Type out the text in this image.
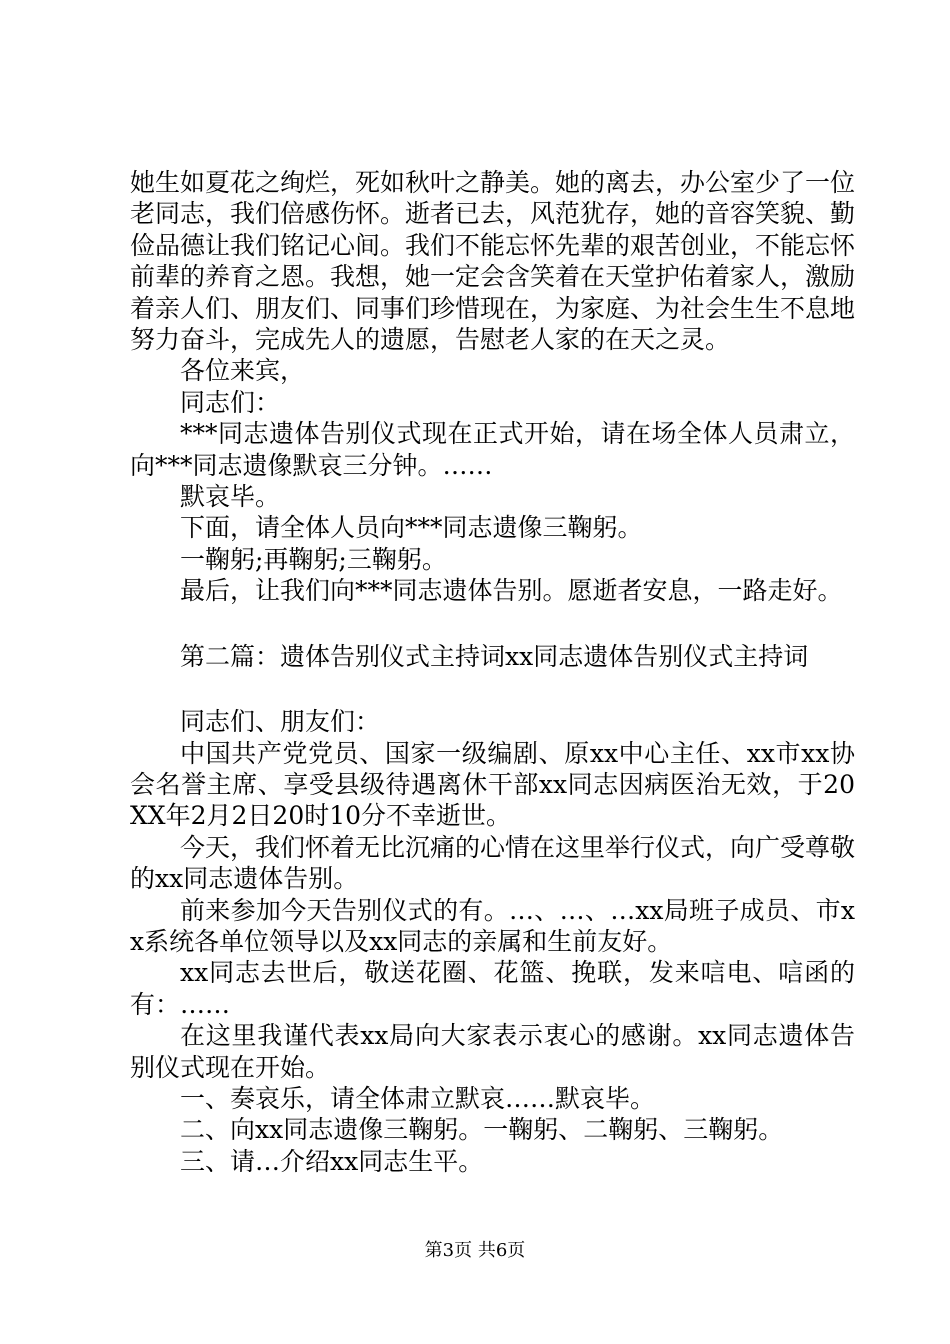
她生如夏花之绚烂，死如秋叶之静美。她的离去，办公室少了一位老同志，我们倍感伤怀。逝者已去，风范犹存，她的音容笑貌、勤俭品德让我们铭记心间。我们不能忘怀先辈的艰苦创业，不能忘怀前辈的养育之恩。我想，她一定会含笑着在天堂护佑着家人，激励着亲人们、朋友们、同事们珍惜现在，为家庭、为社会生生不息地努力奋斗，完成先人的遗愿，告慰老人家的在天之灵。

各位来宾，

同志们：

***同志遗体告别仪式现在正式开始，请在场全体人员肃立，向***同志遗像默哀三分钟。……

默哀毕。

下面，请全体人员向***同志遗像三鞠躬。

一鞠躬;再鞠躬;三鞠躬。

最后，让我们向***同志遗体告别。愿逝者安息，一路走好。

第二篇：遗体告别仪式主持词xx同志遗体告别仪式主持词

同志们、朋友们：

中国共产党党员、国家一级编剧、原xx中心主任、xx市xx协会名誉主席、享受县级待遇离休干部xx同志因病医治无效，于20XX年2月2日20时10分不幸逝世。

今天，我们怀着无比沉痛的心情在这里举行仪式，向广受尊敬的xx同志遗体告别。

前来参加今天告别仪式的有。…、…、…xx局班子成员、市xx系统各单位领导以及xx同志的亲属和生前友好。

xx同志去世后，敬送花圈、花篮、挽联，发来唁电、唁函的有：……

在这里我谨代表xx局向大家表示衷心的感谢。xx同志遗体告别仪式现在开始。

一、奏哀乐，请全体肃立默哀……默哀毕。

二、向xx同志遗像三鞠躬。一鞠躬、二鞠躬、三鞠躬。

三、请…介绍xx同志生平。

第3页 共6页
